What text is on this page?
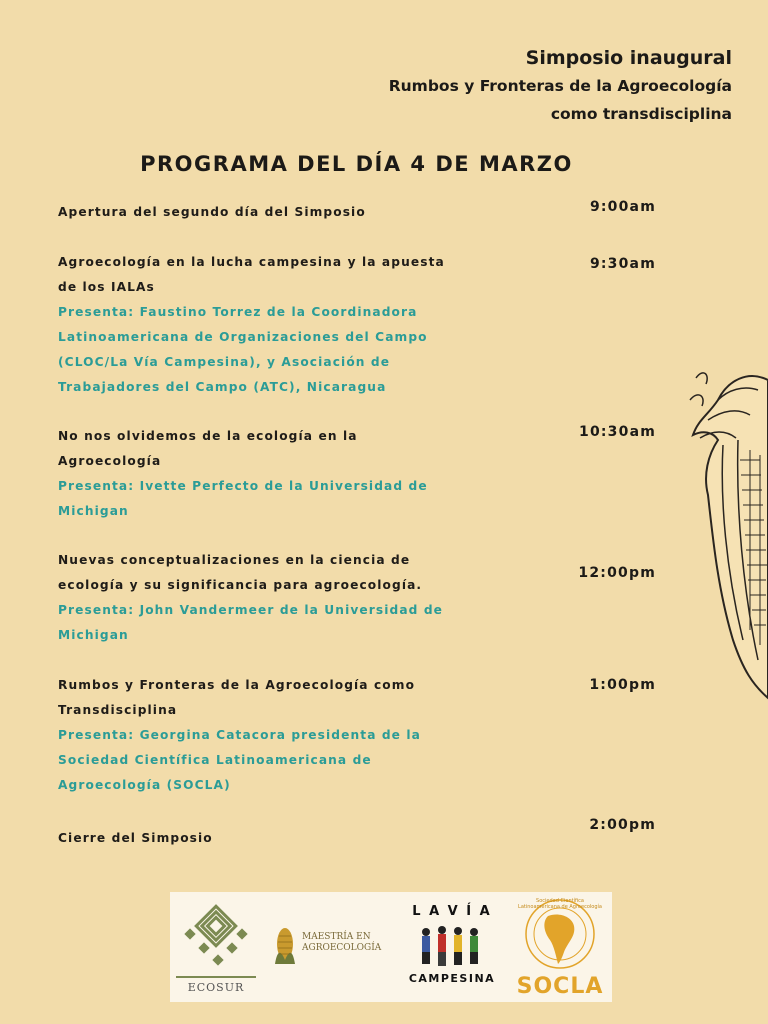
Simposio inaugural
Rumbos y Fronteras de la Agroecología
como transdisciplina
PROGRAMA DEL DÍA 4 DE MARZO
Apertura del segundo día del Simposio	9:00am
Agroecología en la lucha campesina y la apuesta
de los IALAs
Presenta: Faustino Torrez de la Coordinadora
Latinoamericana de Organizaciones del Campo
(CLOC/La Vía Campesina), y Asociación de
Trabajadores del Campo (ATC), Nicaragua
9:30am
No nos olvidemos de la ecología en la
Agroecología
Presenta: Ivette Perfecto de la Universidad de
Michigan
10:30am
Nuevas conceptualizaciones en la ciencia de
ecología y su significancia para agroecología.
Presenta: John Vandermeer de la Universidad de
Michigan
12:00pm
Rumbos y Fronteras de la Agroecología como
Transdisciplina
Presenta: Georgina Catacora presidenta de la
Sociedad Científica Latinoamericana de
Agroecología (SOCLA)
1:00pm
Cierre del Simposio
2:00pm
ECOSUR
MAESTRÍA EN
AGROECOLOGÍA
L A V Í A
CAMPESINA
Sociedad Científica Latinoamericana de Agroecología
SOCLA
